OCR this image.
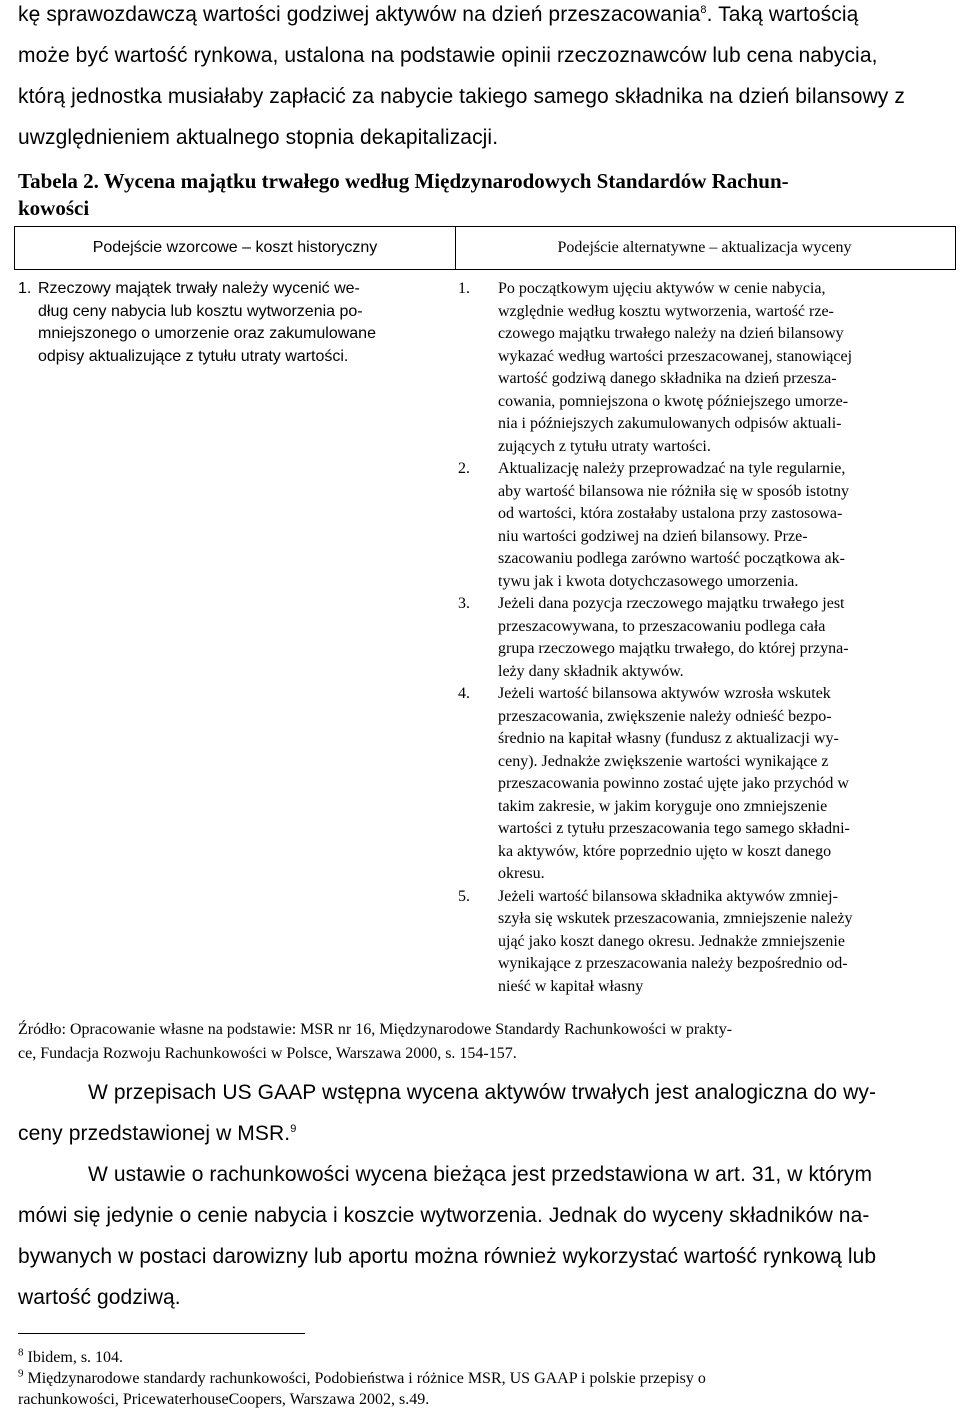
kę sprawozdawczą wartości godziwej aktywów na dzień przeszacowania$^8$. Taką wartością
może być wartość rynkowa, ustalona na podstawie opinii rzeczoznawców lub cena nabycia,
którą jednostka musiałaby zapłacić za nabycie takiego samego składnika na dzień bilansowy z
uwzględnieniem aktualnego stopnia dekapitalizacji.
Tabela 2. Wycena majątku trwałego według Międzynarodowych Standardów Rachun-
kowości
Podejście wzorcowe – koszt historyczny	Podejście alternatywne – aktualizacja wyceny
1. Rzeczowy majątek trwały należy wycenić we-
dług ceny nabycia lub kosztu wytworzenia po-
mniejszonego o umorzenie oraz zakumulowane
odpisy aktualizujące z tytułu utraty wartości.
1. Po początkowym ujęciu aktywów w cenie nabycia,
względnie według kosztu wytworzenia, wartość rze-
czowego majątku trwałego należy na dzień bilansowy
wykazać według wartości przeszacowanej, stanowiącej
wartość godziwą danego składnika na dzień przesza-
cowania, pomniejszona o kwotę późniejszego umorze-
nia i późniejszych zakumulowanych odpisów aktuali-
zujących z tytułu utraty wartości.
2. Aktualizację należy przeprowadzać na tyle regularnie,
aby wartość bilansowa nie różniła się w sposób istotny
od wartości, która zostałaby ustalona przy zastosowa-
niu wartości godziwej na dzień bilansowy. Prze-
szacowaniu podlega zarówno wartość początkowa ak-
tywu jak i kwota dotychczasowego umorzenia.
3. Jeżeli dana pozycja rzeczowego majątku trwałego jest
przeszacowywana, to przeszacowaniu podlega cała
grupa rzeczowego majątku trwałego, do której przyna-
leży dany składnik aktywów.
4. Jeżeli wartość bilansowa aktywów wzrosła wskutek
przeszacowania, zwiększenie należy odnieść bezpo-
średnio na kapitał własny (fundusz z aktualizacji wy-
ceny). Jednakże zwiększenie wartości wynikające z
przeszacowania powinno zostać ujęte jako przychód w
takim zakresie, w jakim koryguje ono zmniejszenie
wartości z tytułu przeszacowania tego samego składni-
ka aktywów, które poprzednio ujęto w koszt danego
okresu.
5. Jeżeli wartość bilansowa składnika aktywów zmniej-
szyła się wskutek przeszacowania, zmniejszenie należy
ująć jako koszt danego okresu. Jednakże zmniejszenie
wynikające z przeszacowania należy bezpośrednio od-
nieść w kapitał własny
Źródło: Opracowanie własne na podstawie: MSR nr 16, Międzynarodowe Standardy Rachunkowości w prakty-
ce, Fundacja Rozwoju Rachunkowości w Polsce, Warszawa 2000, s. 154-157.
W przepisach US GAAP wstępna wycena aktywów trwałych jest analogiczna do wy-
ceny przedstawionej w MSR.$^9$
W ustawie o rachunkowości wycena bieżąca jest przedstawiona w art. 31, w którym
mówi się jedynie o cenie nabycia i koszcie wytworzenia. Jednak do wyceny składników na-
bywanych w postaci darowizny lub aportu można również wykorzystać wartość rynkową lub
wartość godziwą.
$^8$ Ibidem, s. 104.
$^9$ Międzynarodowe standardy rachunkowości, Podobieństwa i różnice MSR, US GAAP i polskie przepisy o
rachunkowości, PricewaterhouseCoopers, Warszawa 2002, s.49.
